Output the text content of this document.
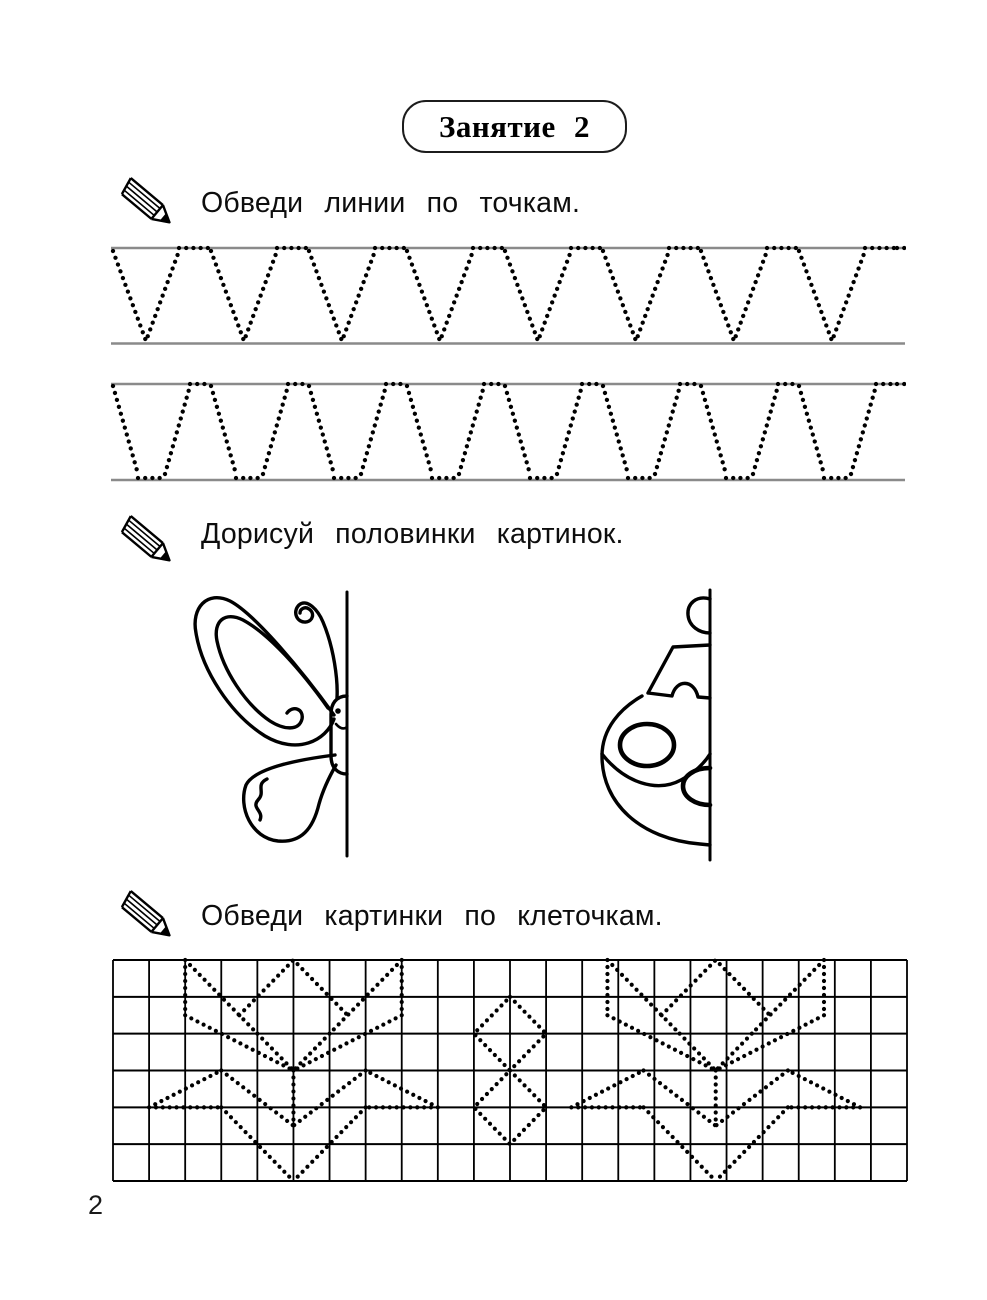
Занятие 2
Обведи линии по точкам.
Дорисуй половинки картинок.
Обведи картинки по клеточкам.
2
